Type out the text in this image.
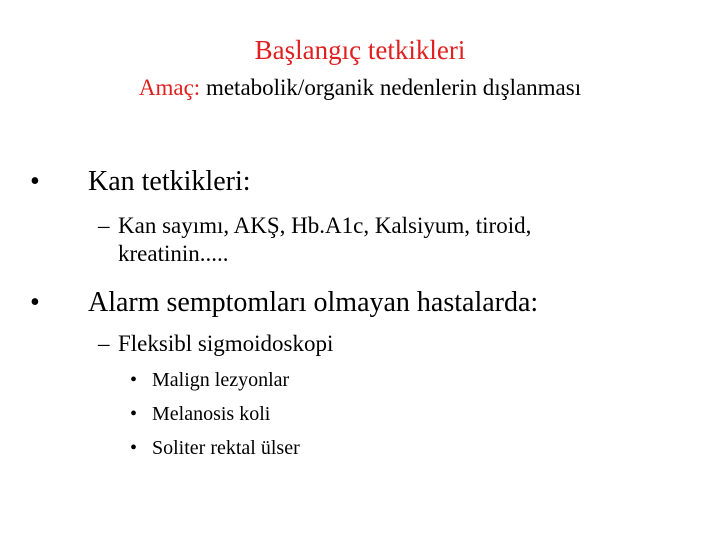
Başlangıç tetkikleri
Amaç: metabolik/organik nedenlerin dışlanması
• Kan tetkikleri:
– Kan sayımı, AKŞ, Hb.A1c, Kalsiyum, tiroid, kreatinin.....
• Alarm semptomları olmayan hastalarda:
– Fleksibl sigmoidoskopi
• Malign lezyonlar
• Melanosis koli
• Soliter rektal ülser
